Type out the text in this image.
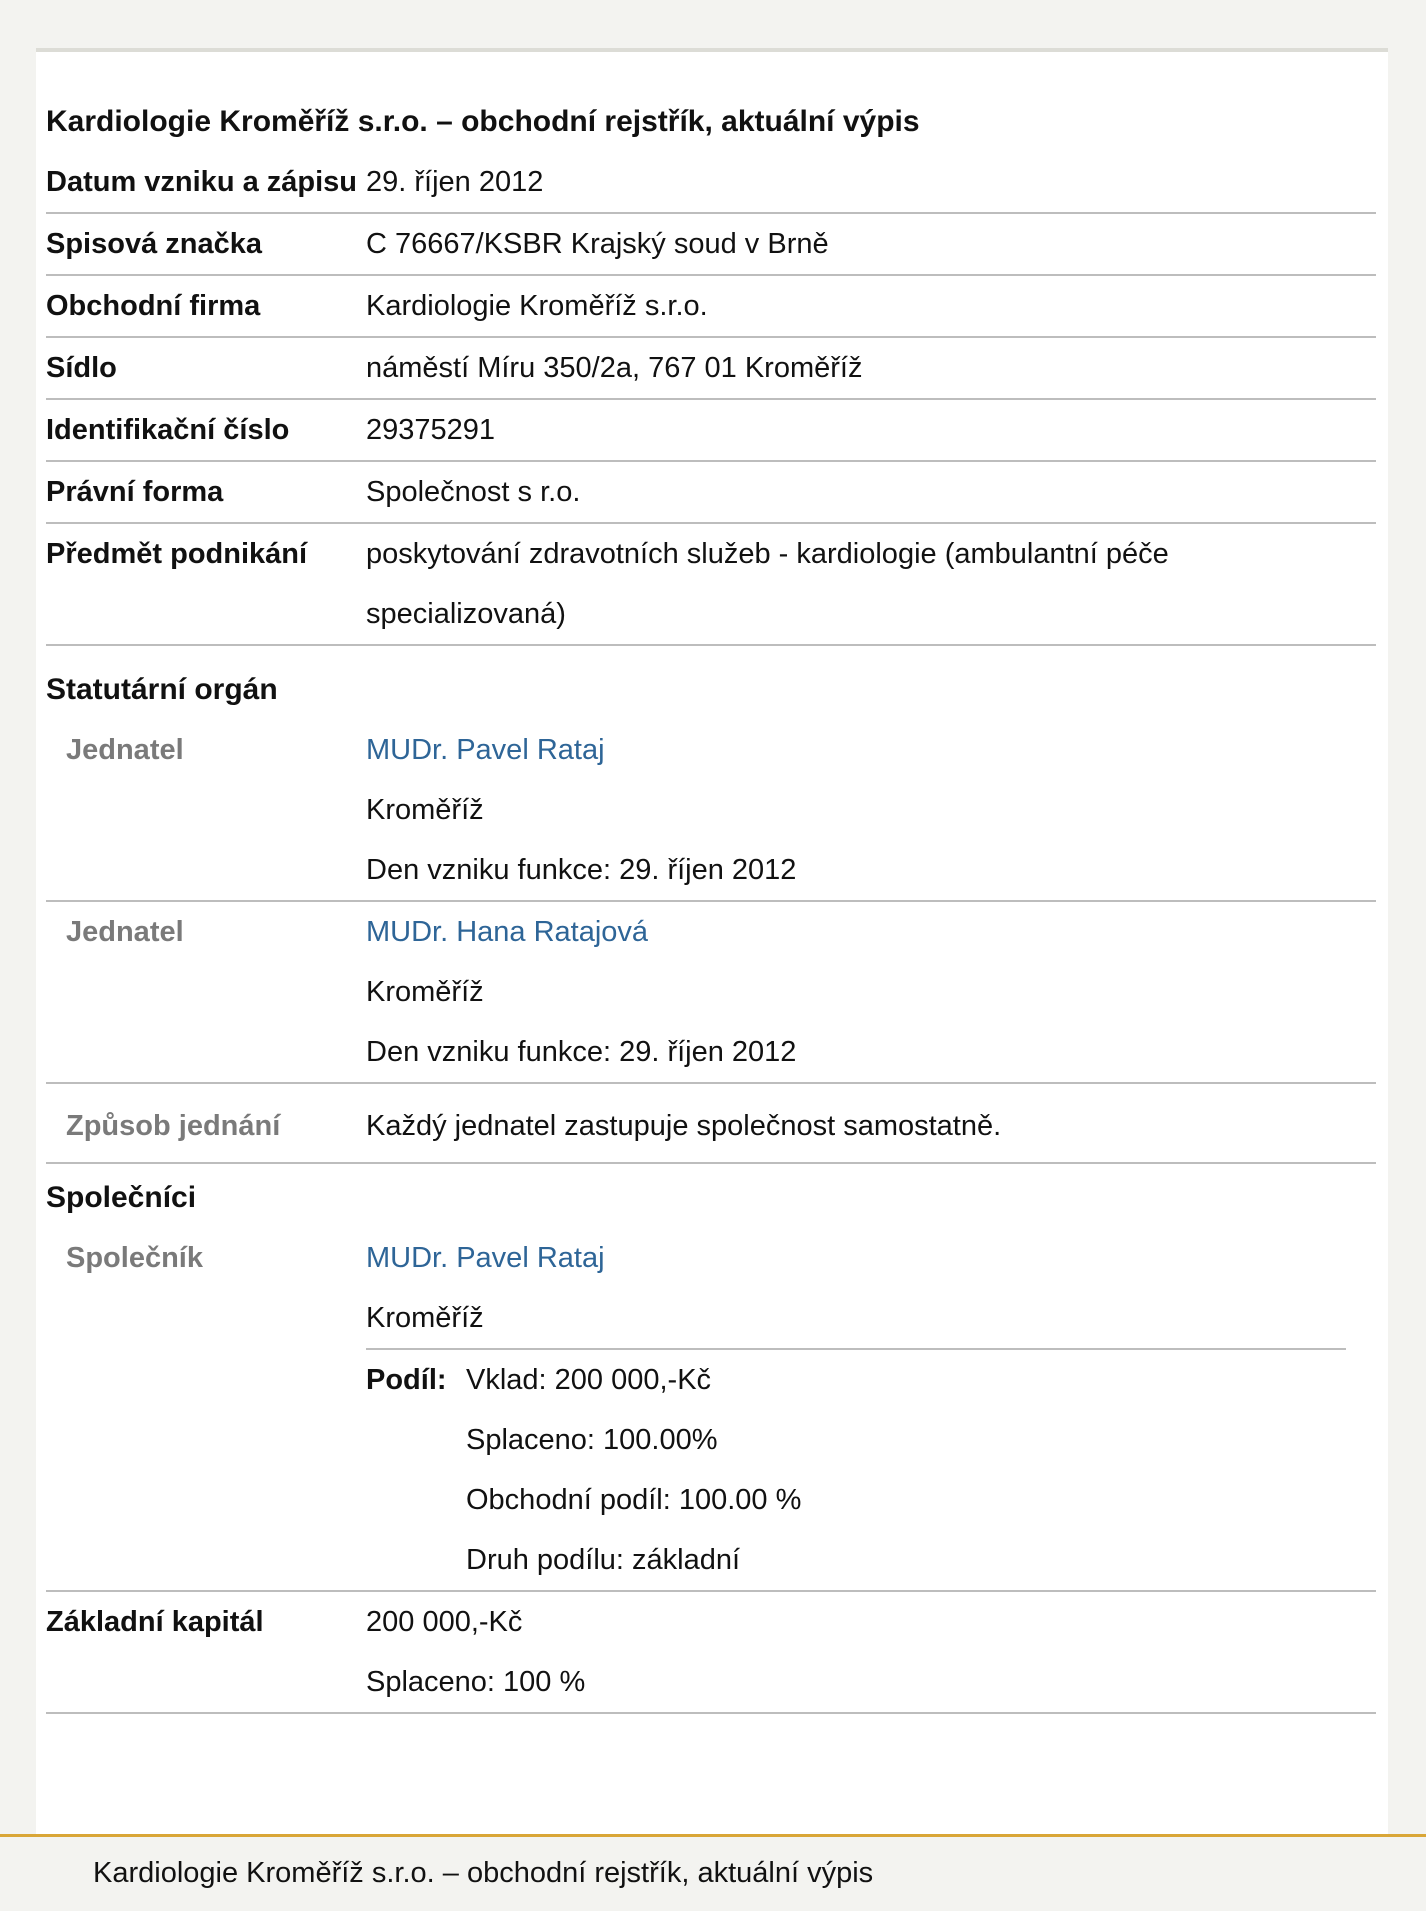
Kardiologie Kroměříž s.r.o. – obchodní rejstřík, aktuální výpis
Datum vzniku a zápisu 29. říjen 2012
Spisová značka	C 76667/KSBR Krajský soud v Brně
Obchodní firma	Kardiologie Kroměříž s.r.o.
Sídlo	náměstí Míru 350/2a, 767 01 Kroměříž
Identifikační číslo	29375291
Právní forma	Společnost s r.o.
Předmět podnikání	poskytování zdravotních služeb - kardiologie (ambulantní péče specializovaná)
Statutární orgán
Jednatel	MUDr. Pavel Rataj
Kroměříž
Den vzniku funkce: 29. říjen 2012
Jednatel	MUDr. Hana Ratajová
Kroměříž
Den vzniku funkce: 29. říjen 2012
Způsob jednání	Každý jednatel zastupuje společnost samostatně.
Společníci
Společník	MUDr. Pavel Rataj
Kroměříž
Podíl: Vklad: 200 000,-Kč
Splaceno: 100.00%
Obchodní podíl: 100.00 %
Druh podílu: základní
Základní kapitál	200 000,-Kč
Splaceno: 100 %
Kardiologie Kroměříž s.r.o. – obchodní rejstřík, aktuální výpis
